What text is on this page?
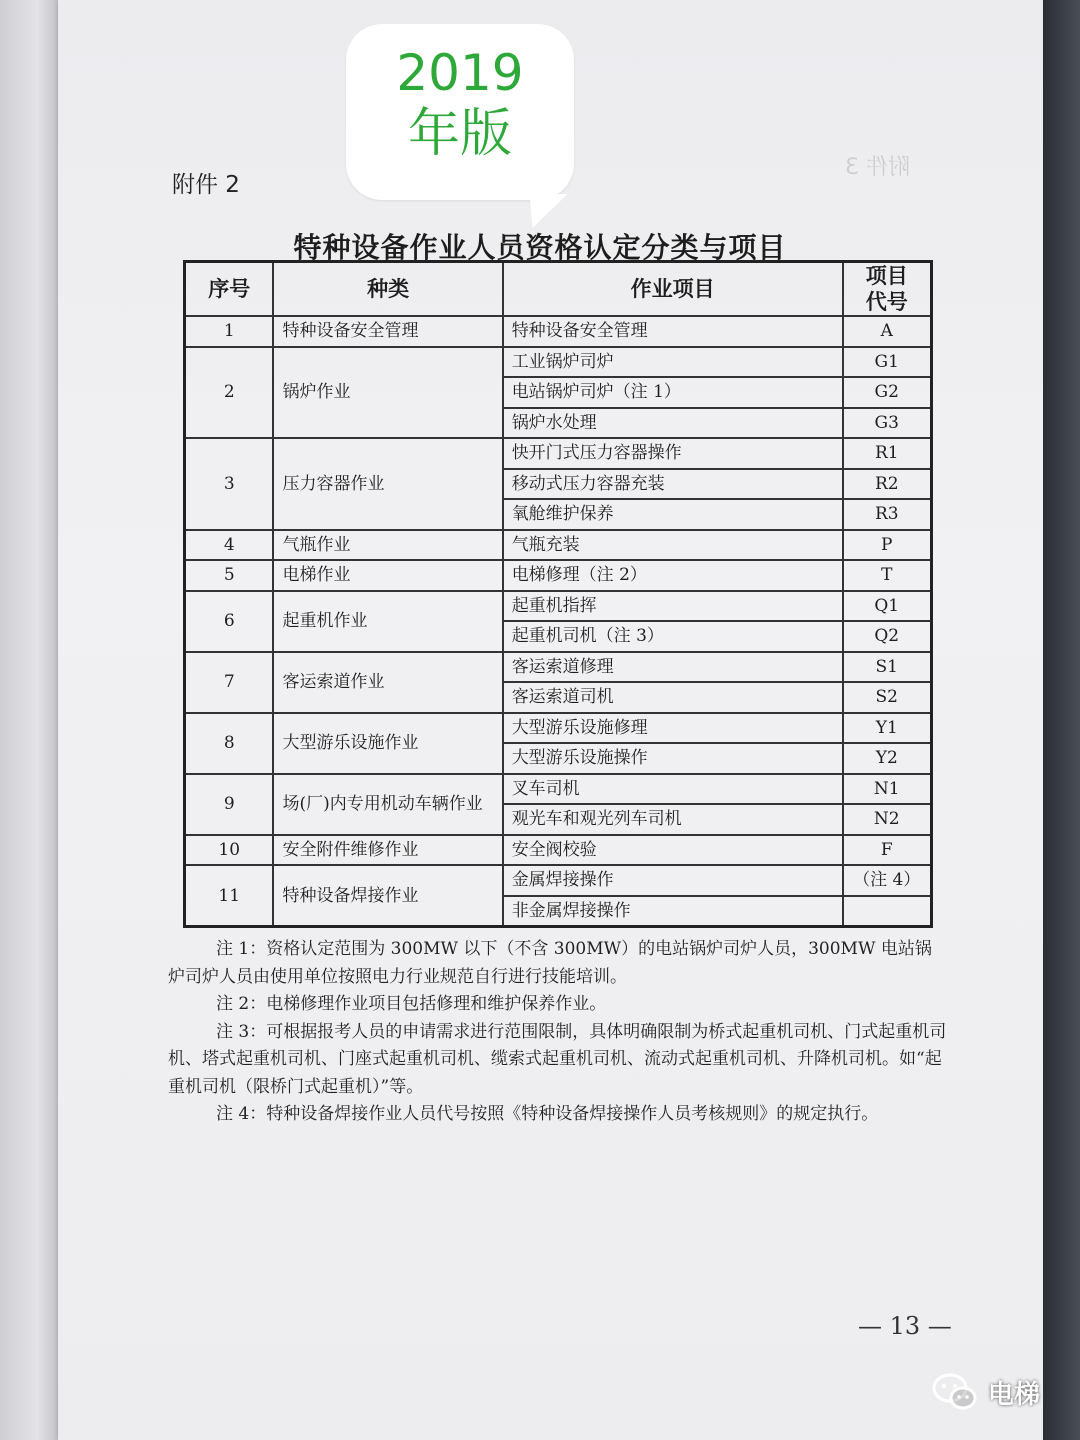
附件 3
2019
年版
附件 2
特种设备作业人员资格认定分类与项目
序号	种类	作业项目	项目
代号
1	特种设备安全管理	特种设备安全管理	A
2	锅炉作业	工业锅炉司炉	G1
		电站锅炉司炉（注 1）	G2
		锅炉水处理	G3
3	压力容器作业	快开门式压力容器操作	R1
		移动式压力容器充装	R2
		氧舱维护保养	R3
4	气瓶作业	气瓶充装	P
5	电梯作业	电梯修理（注 2）	T
6	起重机作业	起重机指挥	Q1
		起重机司机（注 3）	Q2
7	客运索道作业	客运索道修理	S1
		客运索道司机	S2
8	大型游乐设施作业	大型游乐设施修理	Y1
		大型游乐设施操作	Y2
9	场(厂)内专用机动车辆作业	叉车司机	N1
		观光车和观光列车司机	N2
10	安全附件维修作业	安全阀校验	F
11	特种设备焊接作业	金属焊接操作	（注 4）
		非金属焊接操作	

注 1：资格认定范围为 300MW 以下（不含 300MW）的电站锅炉司炉人员，300MW 电站锅炉司炉人员由使用单位按照电力行业规范自行进行技能培训。

注 2：电梯修理作业项目包括修理和维护保养作业。

注 3：可根据报考人员的申请需求进行范围限制，具体明确限制为桥式起重机司机、门式起重机司机、塔式起重机司机、门座式起重机司机、缆索式起重机司机、流动式起重机司机、升降机司机。如“起重机司机（限桥门式起重机）”等。

注 4：特种设备焊接作业人员代号按照《特种设备焊接操作人员考核规则》的规定执行。

— 13 —
电梯
